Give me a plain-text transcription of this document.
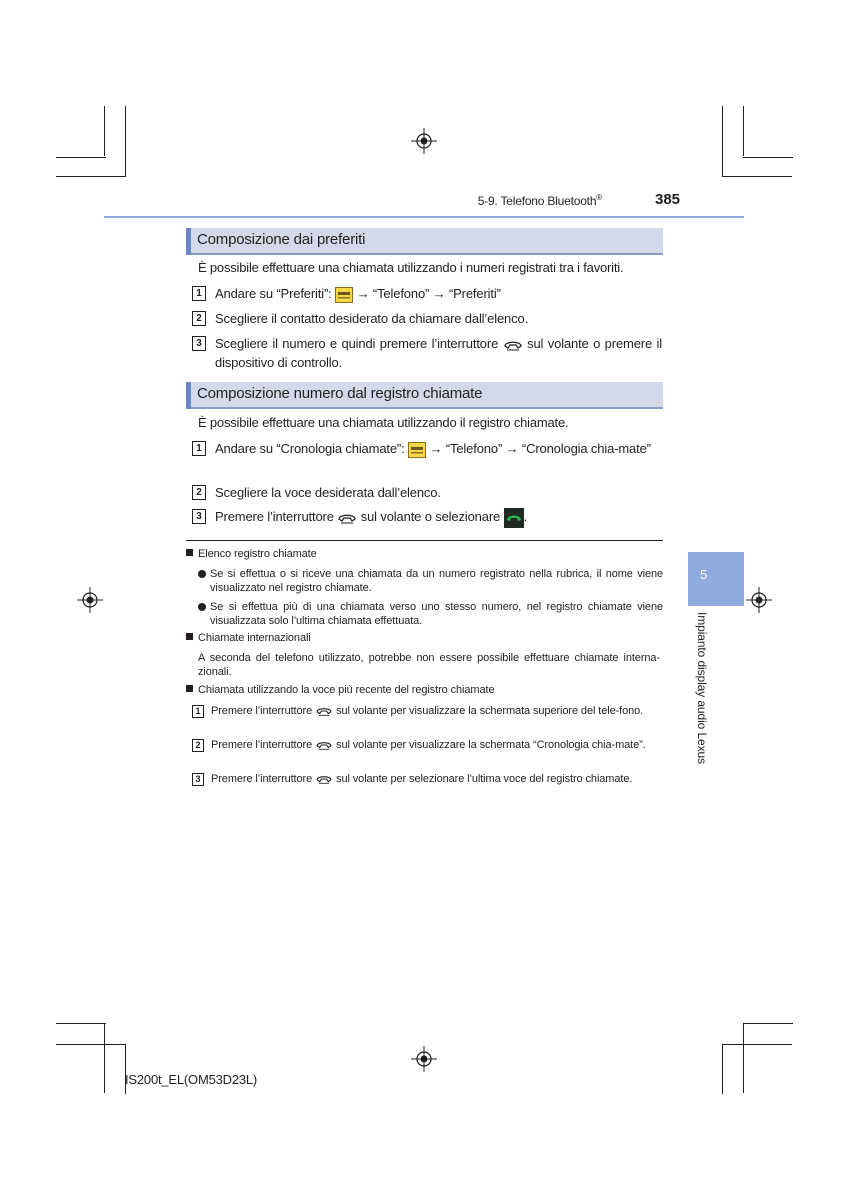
5-9. Telefono Bluetooth®	385
Composizione dai preferiti
È possibile effettuare una chiamata utilizzando i numeri registrati tra i favoriti.
1	Andare su “Preferiti”: → “Telefono” → “Preferiti”
2	Scegliere il contatto desiderato da chiamare dall’elenco.
3	Scegliere il numero e quindi premere l’interruttore sul volante o premere il dispositivo di controllo.
Composizione numero dal registro chiamate
È possibile effettuare una chiamata utilizzando il registro chiamate.
1	Andare su “Cronologia chiamate”: → “Telefono” → “Cronologia chia-mate”
2	Scegliere la voce desiderata dall’elenco.
3	Premere l’interruttore sul volante o selezionare .
Elenco registro chiamate
Se si effettua o si riceve una chiamata da un numero registrato nella rubrica, il nome viene visualizzato nel registro chiamate.
Se si effettua più di una chiamata verso uno stesso numero, nel registro chiamate viene visualizzata solo l’ultima chiamata effettuata.
Chiamate internazionali
A seconda del telefono utilizzato, potrebbe non essere possibile effettuare chiamate interna-zionali.
Chiamata utilizzando la voce più recente del registro chiamate
1 Premere l’interruttore sul volante per visualizzare la schermata superiore del tele-fono.
2 Premere l’interruttore sul volante per visualizzare la schermata “Cronologia chia-mate”.
3 Premere l’interruttore sul volante per selezionare l’ultima voce del registro chiamate.
5
Impianto display audio Lexus
IS200t_EL(OM53D23L)
